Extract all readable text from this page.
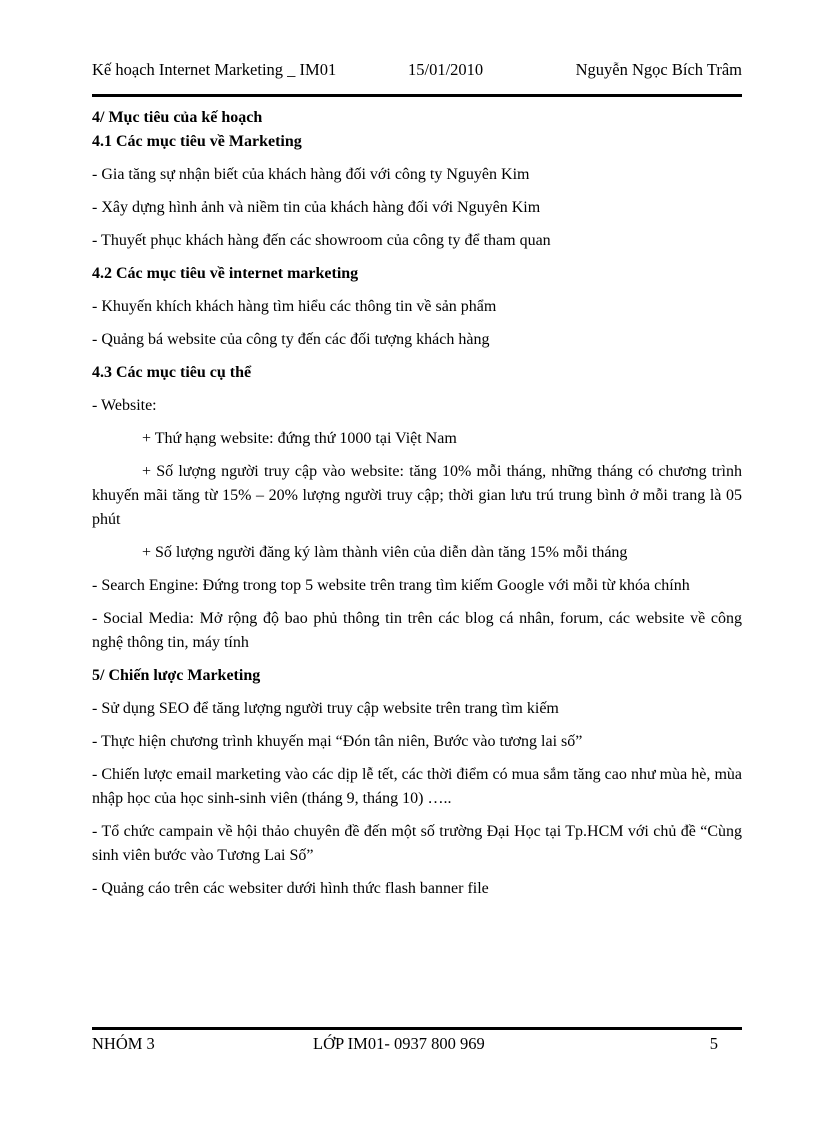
Kế hoạch Internet Marketing _ IM01	15/01/2010	Nguyễn Ngọc Bích Trâm

4/ Mục tiêu của kế hoạch

4.1 Các mục tiêu về Marketing

- Gia tăng sự nhận biết của khách hàng đối với công ty Nguyên Kim

- Xây dựng hình ảnh và niềm tin của khách hàng đối với Nguyên Kim

- Thuyết phục khách hàng đến các showroom của công ty để tham quan

4.2 Các mục tiêu về internet marketing

- Khuyến khích khách hàng tìm hiểu các thông tin về sản phẩm

- Quảng bá website của công ty đến các đối tượng khách hàng

4.3 Các mục tiêu cụ thể

- Website:

+ Thứ hạng website: đứng thứ 1000 tại Việt Nam

+ Số lượng người truy cập vào website: tăng 10% mỗi tháng, những tháng có chương trình khuyến mãi tăng từ 15% – 20% lượng người truy cập; thời gian lưu trú trung bình ở mỗi trang là 05 phút

+ Số lượng người đăng ký làm thành viên của diễn dàn tăng 15% mỗi tháng

- Search Engine: Đứng trong top 5 website trên trang tìm kiếm Google với mỗi từ khóa chính

- Social Media: Mở rộng độ bao phủ thông tin trên các blog cá nhân, forum, các website về công nghệ thông tin, máy tính

5/ Chiến lược Marketing

- Sử dụng SEO để tăng lượng người truy cập website trên trang tìm kiếm

- Thực hiện chương trình khuyến mại “Đón tân niên, Bước vào tương lai số”

- Chiến lược email marketing vào các dịp lễ tết, các thời điểm có mua sắm tăng cao như mùa hè, mùa nhập học của học sinh-sinh viên (tháng 9, tháng 10) …..

- Tổ chức campain về hội thảo chuyên đề đến một số trường Đại Học tại Tp.HCM với chủ đề “Cùng sinh viên bước vào Tương Lai Số”

- Quảng cáo trên các websiter dưới hình thức flash banner file

NHÓM 3	LỚP IM01- 0937 800 969	5
